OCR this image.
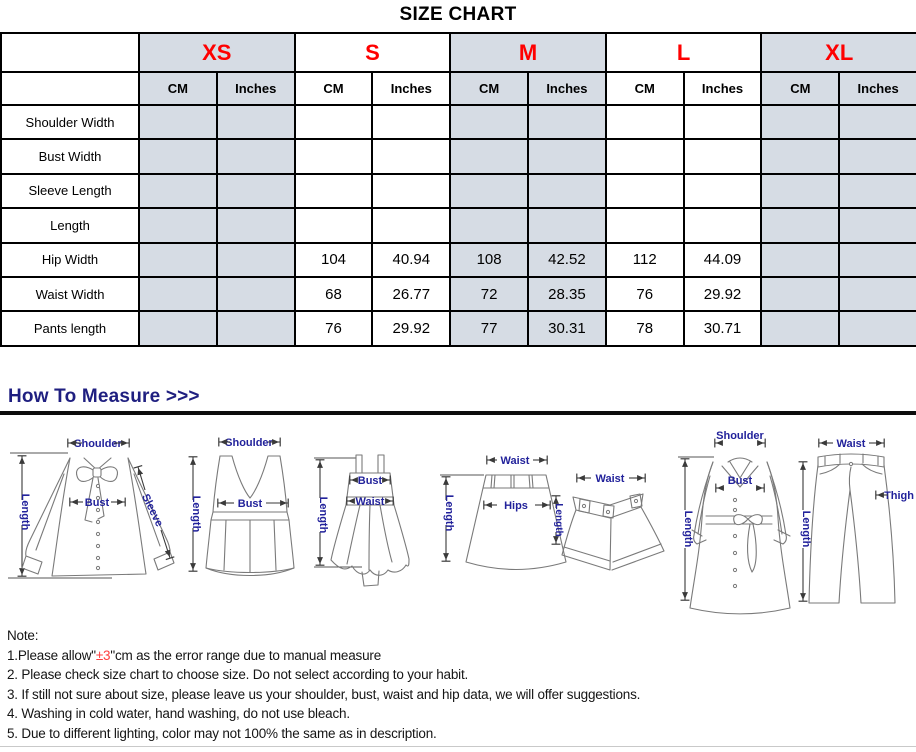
SIZE CHART
	XS		S		M		L		XL	
	CM	Inches	CM	Inches	CM	Inches	CM	Inches	CM	Inches
Shoulder Width										
Bust Width										
Sleeve Length										
Length										
Hip Width			104	40.94	108	42.52	112	44.09		
Waist Width			68	26.77	72	28.35	76	29.92		
Pants length			76	29.92	77	30.31	78	30.71		
How To Measure >>>
Shoulder
Length	Bust	Sleeve
Shoulder
Length	Bust	Length
Bust
Waist
Waist
Length	Hips
Waist
Length
Shoulder
Length
Bust
Waist
Length
Thigh
Note:
1.Please allow"±3"cm as the error range due to manual measure
2. Please check size chart to choose size. Do not select according to your habit.
3. If still not sure about size, please leave us your shoulder, bust, waist and hip data, we will offer suggestions.
4. Washing in cold water, hand washing, do not use bleach.
5. Due to different lighting, color may not 100% the same as in description.
